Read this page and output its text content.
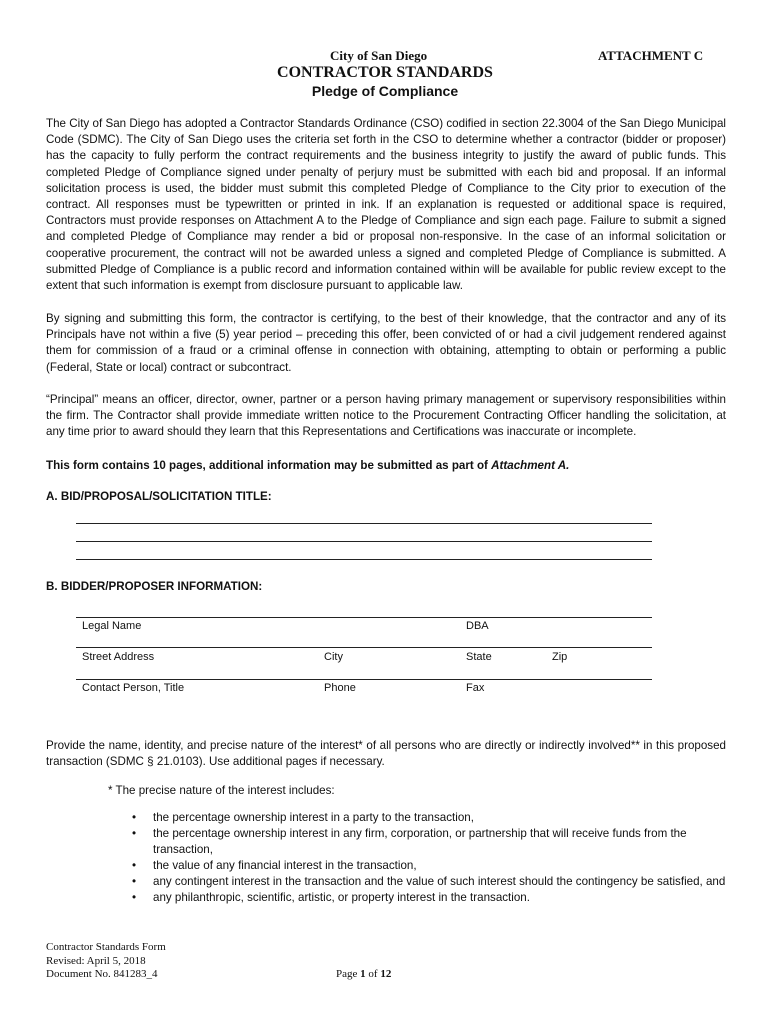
City of San Diego	ATTACHMENT C
CONTRACTOR STANDARDS
Pledge of Compliance
The City of San Diego has adopted a Contractor Standards Ordinance (CSO) codified in section 22.3004 of the San Diego Municipal Code (SDMC). The City of San Diego uses the criteria set forth in the CSO to determine whether a contractor (bidder or proposer) has the capacity to fully perform the contract requirements and the business integrity to justify the award of public funds. This completed Pledge of Compliance signed under penalty of perjury must be submitted with each bid and proposal. If an informal solicitation process is used, the bidder must submit this completed Pledge of Compliance to the City prior to execution of the contract. All responses must be typewritten or printed in ink. If an explanation is requested or additional space is required, Contractors must provide responses on Attachment A to the Pledge of Compliance and sign each page. Failure to submit a signed and completed Pledge of Compliance may render a bid or proposal non-responsive. In the case of an informal solicitation or cooperative procurement, the contract will not be awarded unless a signed and completed Pledge of Compliance is submitted. A submitted Pledge of Compliance is a public record and information contained within will be available for public review except to the extent that such information is exempt from disclosure pursuant to applicable law.
By signing and submitting this form, the contractor is certifying, to the best of their knowledge, that the contractor and any of its Principals have not within a five (5) year period – preceding this offer, been convicted of or had a civil judgement rendered against them for commission of a fraud or a criminal offense in connection with obtaining, attempting to obtain or performing a public (Federal, State or local) contract or subcontract.
“Principal” means an officer, director, owner, partner or a person having primary management or supervisory responsibilities within the firm. The Contractor shall provide immediate written notice to the Procurement Contracting Officer handling the solicitation, at any time prior to award should they learn that this Representations and Certifications was inaccurate or incomplete.
This form contains 10 pages, additional information may be submitted as part of Attachment A.
A. BID/PROPOSAL/SOLICITATION TITLE:
B. BIDDER/PROPOSER INFORMATION:
Legal Name	DBA
Street Address	City	State	Zip
Contact Person, Title	Phone	Fax
Provide the name, identity, and precise nature of the interest* of all persons who are directly or indirectly involved** in this proposed transaction (SDMC § 21.0103). Use additional pages if necessary.
* The precise nature of the interest includes:
• the percentage ownership interest in a party to the transaction,
• the percentage ownership interest in any firm, corporation, or partnership that will receive funds from the transaction,
• the value of any financial interest in the transaction,
• any contingent interest in the transaction and the value of such interest should the contingency be satisfied, and
• any philanthropic, scientific, artistic, or property interest in the transaction.
Contractor Standards Form
Revised: April 5, 2018
Document No. 841283_4	Page 1 of 12
